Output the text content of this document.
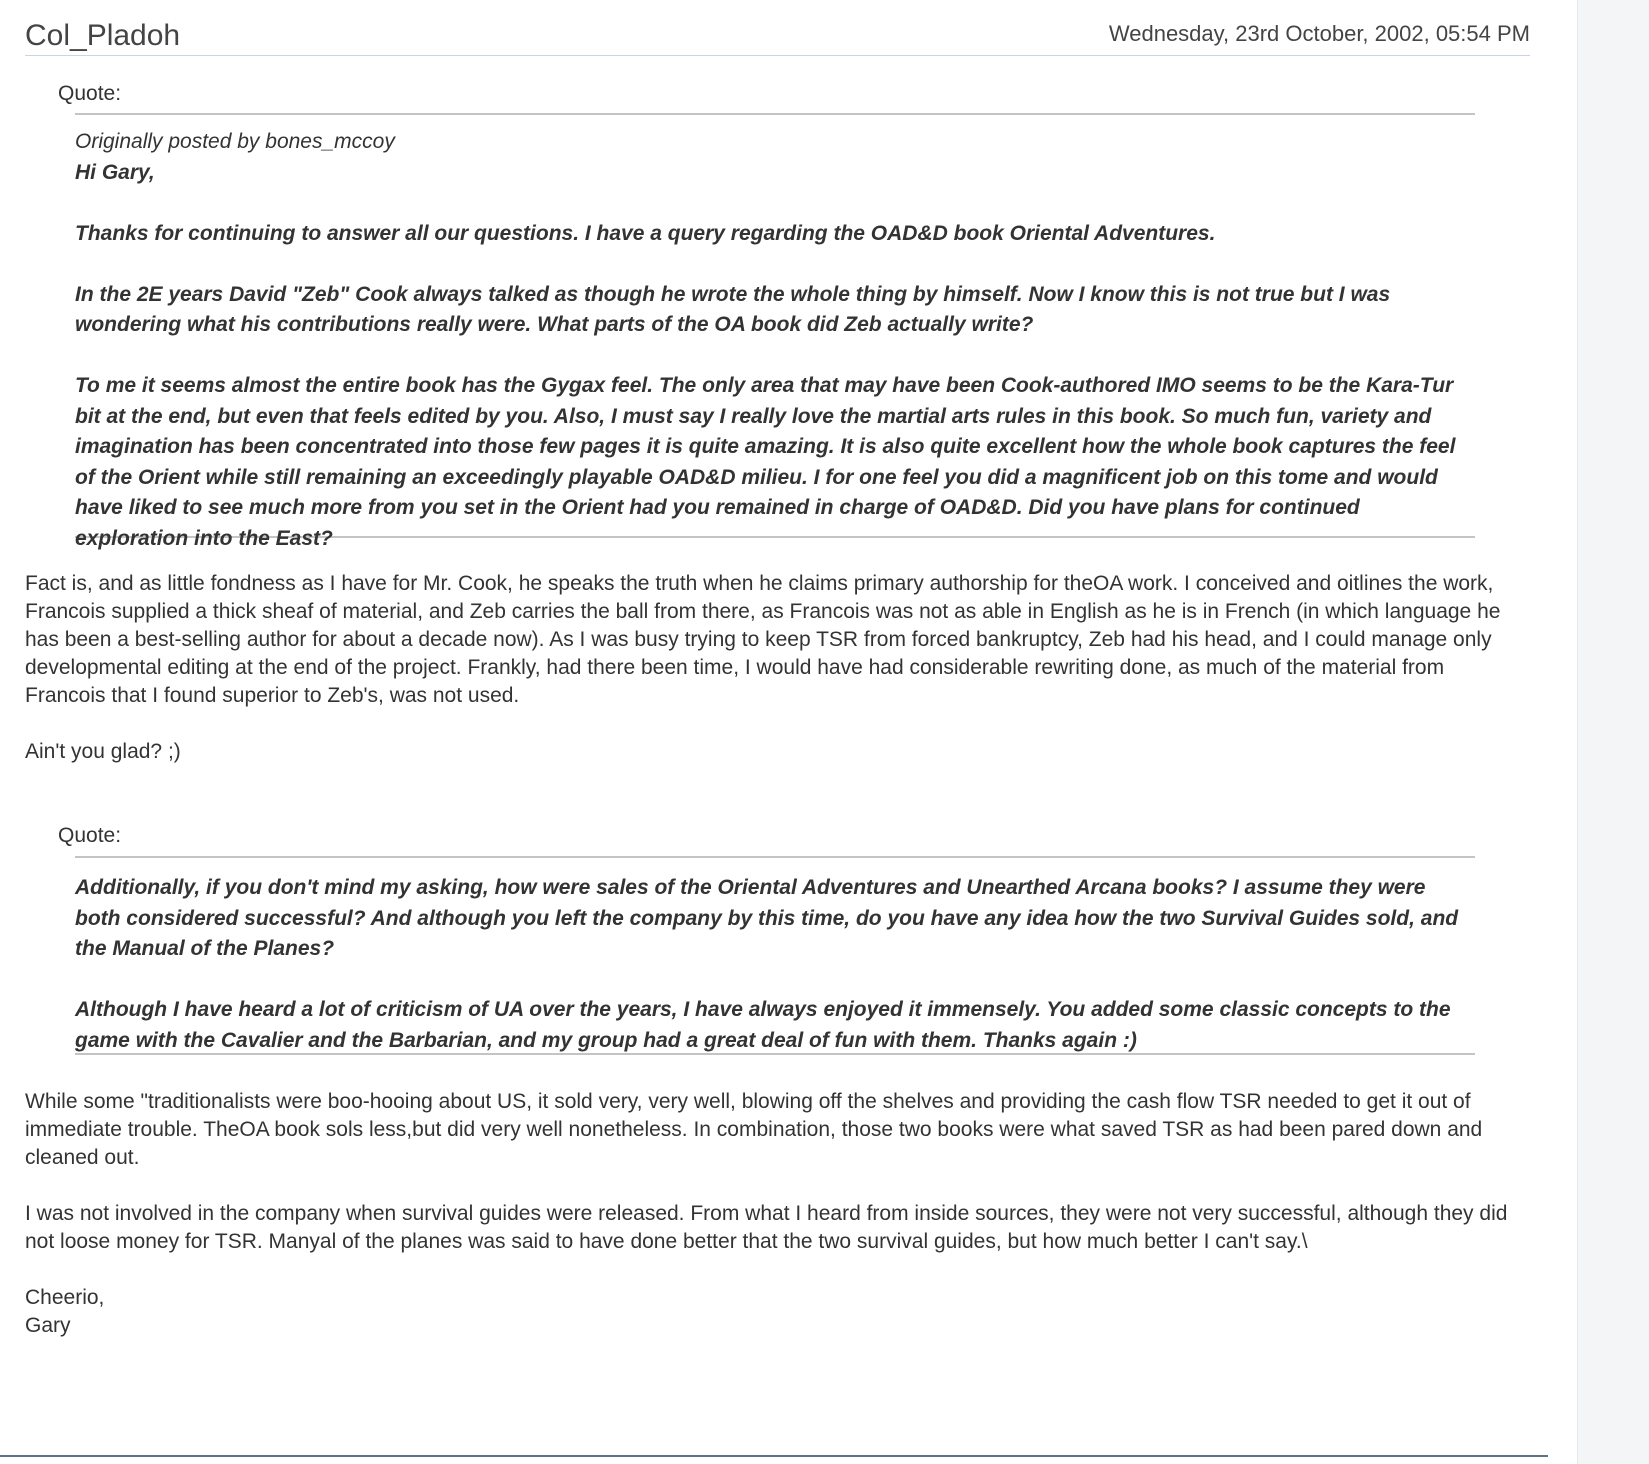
Col_Pladoh	Wednesday, 23rd October, 2002, 05:54 PM
Quote:

Originally posted by bones_mccoy

Hi Gary,

Thanks for continuing to answer all our questions. I have a query regarding the OAD&D book Oriental Adventures.

In the 2E years David "Zeb" Cook always talked as though he wrote the whole thing by himself. Now I know this is not true but I was wondering what his contributions really were. What parts of the OA book did Zeb actually write?

To me it seems almost the entire book has the Gygax feel. The only area that may have been Cook-authored IMO seems to be the Kara-Tur bit at the end, but even that feels edited by you. Also, I must say I really love the martial arts rules in this book. So much fun, variety and imagination has been concentrated into those few pages it is quite amazing. It is also quite excellent how the whole book captures the feel of the Orient while still remaining an exceedingly playable OAD&D milieu. I for one feel you did a magnificent job on this tome and would have liked to see much more from you set in the Orient had you remained in charge of OAD&D. Did you have plans for continued exploration into the East?

Fact is, and as little fondness as I have for Mr. Cook, he speaks the truth when he claims primary authorship for theOA work. I conceived and oitlines the work, Francois supplied a thick sheaf of material, and Zeb carries the ball from there, as Francois was not as able in English as he is in French (in which language he has been a best-selling author for about a decade now). As I was busy trying to keep TSR from forced bankruptcy, Zeb had his head, and I could manage only developmental editing at the end of the project. Frankly, had there been time, I would have had considerable rewriting done, as much of the material from Francois that I found superior to Zeb's, was not used.

Ain't you glad? ;)

Quote:

Additionally, if you don't mind my asking, how were sales of the Oriental Adventures and Unearthed Arcana books? I assume they were both considered successful? And although you left the company by this time, do you have any idea how the two Survival Guides sold, and the Manual of the Planes?

Although I have heard a lot of criticism of UA over the years, I have always enjoyed it immensely. You added some classic concepts to the game with the Cavalier and the Barbarian, and my group had a great deal of fun with them. Thanks again :)

While some "traditionalists were boo-hooing about US, it sold very, very well, blowing off the shelves and providing the cash flow TSR needed to get it out of immediate trouble. TheOA book sols less,but did very well nonetheless. In combination, those two books were what saved TSR as had been pared down and cleaned out.

I was not involved in the company when survival guides were released. From what I heard from inside sources, they were not very successful, although they did not loose money for TSR. Manyal of the planes was said to have done better that the two survival guides, but how much better I can't say.\

Cheerio,

Gary
